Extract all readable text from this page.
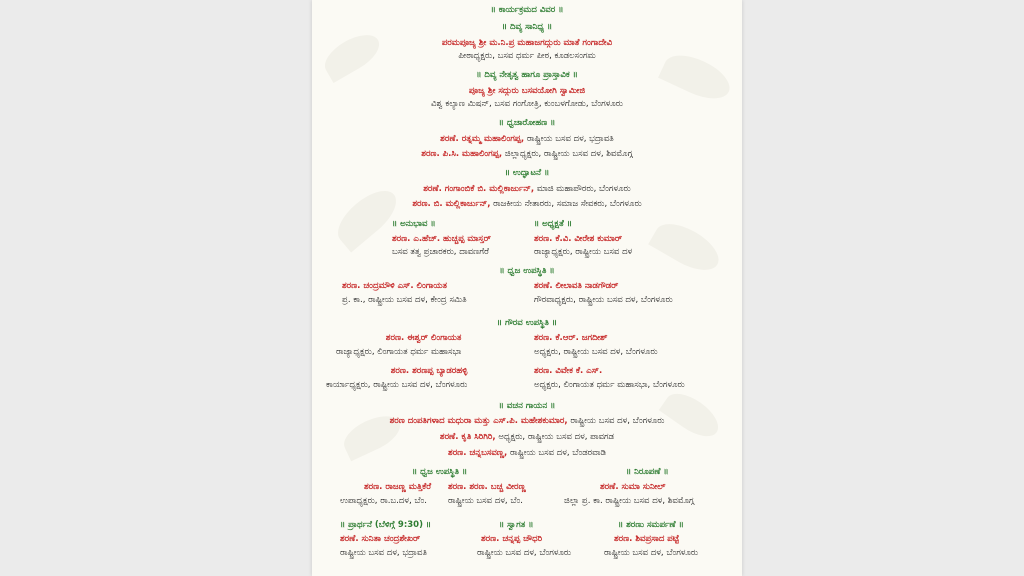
॥ ಕಾರ್ಯಕ್ರಮದ ವಿವರ ॥
॥ ದಿವ್ಯ ಸಾನಿಧ್ಯ ॥
ಪರಮಪೂಜ್ಯ ಶ್ರೀ ಮ.ನಿ.ಪ್ರ ಮಹಾಜಗದ್ಗುರು ಮಾತೆ ಗಂಗಾದೇವಿ
ಪೀಠಾಧ್ಯಕ್ಷರು, ಬಸವ ಧರ್ಮ ಪೀಠ, ಕೂಡಲಸಂಗಮ
॥ ದಿವ್ಯ ನೇತೃತ್ವ ಹಾಗೂ ಪ್ರಾಸ್ತಾವಿಕ ॥
ಪೂಜ್ಯ ಶ್ರೀ ಸದ್ಗುರು ಬಸವಯೋಗಿ ಸ್ವಾಮೀಜಿ
ವಿಶ್ವ ಕಲ್ಯಾಣ ಮಿಷನ್, ಬಸವ ಗಂಗೋತ್ರಿ, ಕುಂಬಳಗೋಡು, ಬೆಂಗಳೂರು
॥ ಧ್ವಜಾರೋಹಣ ॥
ಶರಣೆ. ರತ್ನಮ್ಮ ಮಹಾಲಿಂಗಪ್ಪ, ರಾಷ್ಟ್ರೀಯ ಬಸವ ದಳ, ಭದ್ರಾವತಿ
ಶರಣ. ಪಿ.ಸಿ. ಮಹಾಲಿಂಗಪ್ಪ, ಜಿಲ್ಲಾಧ್ಯಕ್ಷರು, ರಾಷ್ಟ್ರೀಯ ಬಸವ ದಳ, ಶಿವಮೊಗ್ಗ
॥ ಉದ್ಘಾಟನೆ ॥
ಶರಣೆ. ಗಂಗಾಂಬಿಕೆ ಬಿ. ಮಲ್ಲಿಕಾರ್ಜುನ್, ಮಾಜಿ ಮಹಾಪೌರರು, ಬೆಂಗಳೂರು
ಶರಣ. ಬಿ. ಮಲ್ಲಿಕಾರ್ಜುನ್, ರಾಜಕೀಯ ನೇತಾರರು, ಸಮಾಜ ಸೇವಕರು, ಬೆಂಗಳೂರು
॥ ಅನುಭಾವ ॥
ಶರಣ. ಎ.ಹೆಚ್. ಹುಚ್ಚಪ್ಪ ಮಾಸ್ತರ್
ಬಸವ ತತ್ವ ಪ್ರಚಾರಕರು, ದಾವಣಗೆರೆ
॥ ಅಧ್ಯಕ್ಷತೆ ॥
ಶರಣ. ಕೆ.ವಿ. ವೀರೇಶ ಕುಮಾರ್
ರಾಜ್ಯಾಧ್ಯಕ್ಷರು, ರಾಷ್ಟ್ರೀಯ ಬಸವ ದಳ
॥ ಧ್ವಜ ಉಪಸ್ಥಿತಿ ॥
ಶರಣ. ಚಂದ್ರಮೌಳಿ ಎಸ್. ಲಿಂಗಾಯತ
ಪ್ರ. ಕಾ., ರಾಷ್ಟ್ರೀಯ ಬಸವ ದಳ, ಕೇಂದ್ರ ಸಮಿತಿ
ಶರಣೆ. ಲೀಲಾವತಿ ನಾಡಗೌಡರ್
ಗೌರವಾಧ್ಯಕ್ಷರು, ರಾಷ್ಟ್ರೀಯ ಬಸವ ದಳ, ಬೆಂಗಳೂರು
॥ ಗೌರವ ಉಪಸ್ಥಿತಿ ॥
ಶರಣ. ಈಶ್ವರ್ ಲಿಂಗಾಯತ
ರಾಜ್ಯಾಧ್ಯಕ್ಷರು, ಲಿಂಗಾಯತ ಧರ್ಮ ಮಹಾಸಭಾ
ಶರಣ. ಕೆ.ಆರ್. ಜಗದೀಶ್
ಅಧ್ಯಕ್ಷರು, ರಾಷ್ಟ್ರೀಯ ಬಸವ ದಳ, ಬೆಂಗಳೂರು
ಶರಣ. ಶರಣಪ್ಪ ಬ್ಯಾಡರಹಳ್ಳಿ
ಕಾರ್ಯಾಧ್ಯಕ್ಷರು, ರಾಷ್ಟ್ರೀಯ ಬಸವ ದಳ, ಬೆಂಗಳೂರು
ಶರಣ. ವಿವೇಕ ಕೆ. ಎಸ್.
ಅಧ್ಯಕ್ಷರು, ಲಿಂಗಾಯತ ಧರ್ಮ ಮಹಾಸಭಾ, ಬೆಂಗಳೂರು
॥ ವಚನ ಗಾಯನ ॥
ಶರಣ ದಂಪತಿಗಳಾದ ಮಧುರಾ ಮತ್ತು ಎಸ್.ಪಿ. ಮಹೇಶಕುಮಾರ, ರಾಷ್ಟ್ರೀಯ ಬಸವ ದಳ, ಬೆಂಗಳೂರು
ಶರಣೆ. ಕೃತಿ ಸಿರಿಗಿರಿ, ಅಧ್ಯಕ್ಷರು, ರಾಷ್ಟ್ರೀಯ ಬಸವ ದಳ, ಪಾವಗಡ
ಶರಣ. ಚನ್ನಬಸವಣ್ಣ, ರಾಷ್ಟ್ರೀಯ ಬಸವ ದಳ, ಬೆಂಡರವಾಡಿ
॥ ಧ್ವಜ ಉಪಸ್ಥಿತಿ ॥
ಶರಣ. ರಾಜಣ್ಣ ಮತ್ತಿಕೆರೆ
ಉಪಾಧ್ಯಕ್ಷರು, ರಾ.ಬ.ದಳ, ಬೆಂ.
ಶರಣ. ಶರಣ. ಬಚ್ಚ ವೀರಣ್ಣ
ರಾಷ್ಟ್ರೀಯ ಬಸವ ದಳ, ಬೆಂ.
॥ ನಿರೂಪಣೆ ॥
ಶರಣೆ. ಸುಮಾ ಸುನೀಲ್
ಜಿಲ್ಲಾ ಪ್ರ. ಕಾ. ರಾಷ್ಟ್ರೀಯ ಬಸವ ದಳ, ಶಿವಮೊಗ್ಗ
॥ ಪ್ರಾರ್ಥನೆ (ಬೆಳಿಗ್ಗೆ 9:30) ॥
ಶರಣೆ. ಸುನಿತಾ ಚಂದ್ರಶೇಖರ್
ರಾಷ್ಟ್ರೀಯ ಬಸವ ದಳ, ಭದ್ರಾವತಿ
॥ ಸ್ವಾಗತ ॥
ಶರಣ. ಚನ್ನಪ್ಪ ಚೌಧರಿ
ರಾಷ್ಟ್ರೀಯ ಬಸವ ದಳ, ಬೆಂಗಳೂರು
॥ ಶರಣು ಸಮರ್ಪಣೆ ॥
ಶರಣ. ಶಿವಪ್ರಸಾದ ಪಟ್ಟೆ
ರಾಷ್ಟ್ರೀಯ ಬಸವ ದಳ, ಬೆಂಗಳೂರು
